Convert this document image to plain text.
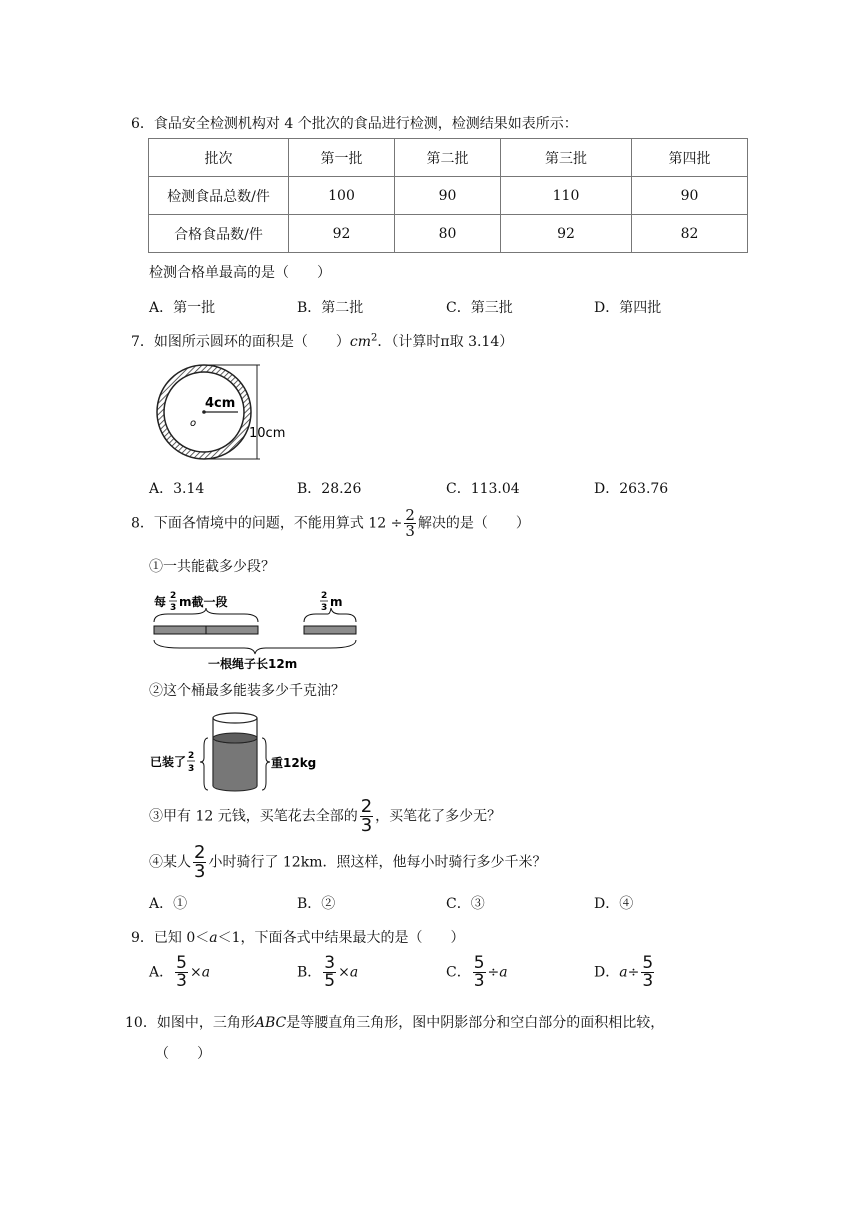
6．食品安全检测机构对 4 个批次的食品进行检测，检测结果如表所示：
批次	第一批	第二批	第三批	第四批
检测食品总数/件	100	90	110	90
合格食品数/件	92	80	92	82
检测合格单最高的是（　　）
A．第一批	B．第二批	C．第三批	D．第四批
7．如图所示圆环的面积是（　　）$cm^2$．（计算时π取 3.14）
4cm
o
10cm
A．3.14	B．28.26	C．113.04	D．263.76
8．下面各情境中的问题，不能用算式 $12 \div \frac{2}{3}$ 解决的是（　　）
①一共能截多少段？
每 2
3 m截一段	2
3 m
一根绳子长12m
②这个桶最多能装多少千克油？
已装了 2
3	重12kg
③甲有 12 元钱，买笔花去全部的 $\frac{2}{3}$ ，买笔花了多少无？
④某人 $\frac{2}{3}$ 小时骑行了 12km．照这样，他每小时骑行多少千米？
A．①	B．②	C．③	D．④
9．已知 0＜a＜1，下面各式中结果最大的是（　　）
A． $\frac{5}{3} \times a$	B． $\frac{3}{5} \times a$	C． $\frac{5}{3} \div a$	D．$a\div \frac{5}{3}$
10．如图中，三角形ABC是等腰直角三角形，图中阴影部分和空白部分的面积相比较，
（　　）
